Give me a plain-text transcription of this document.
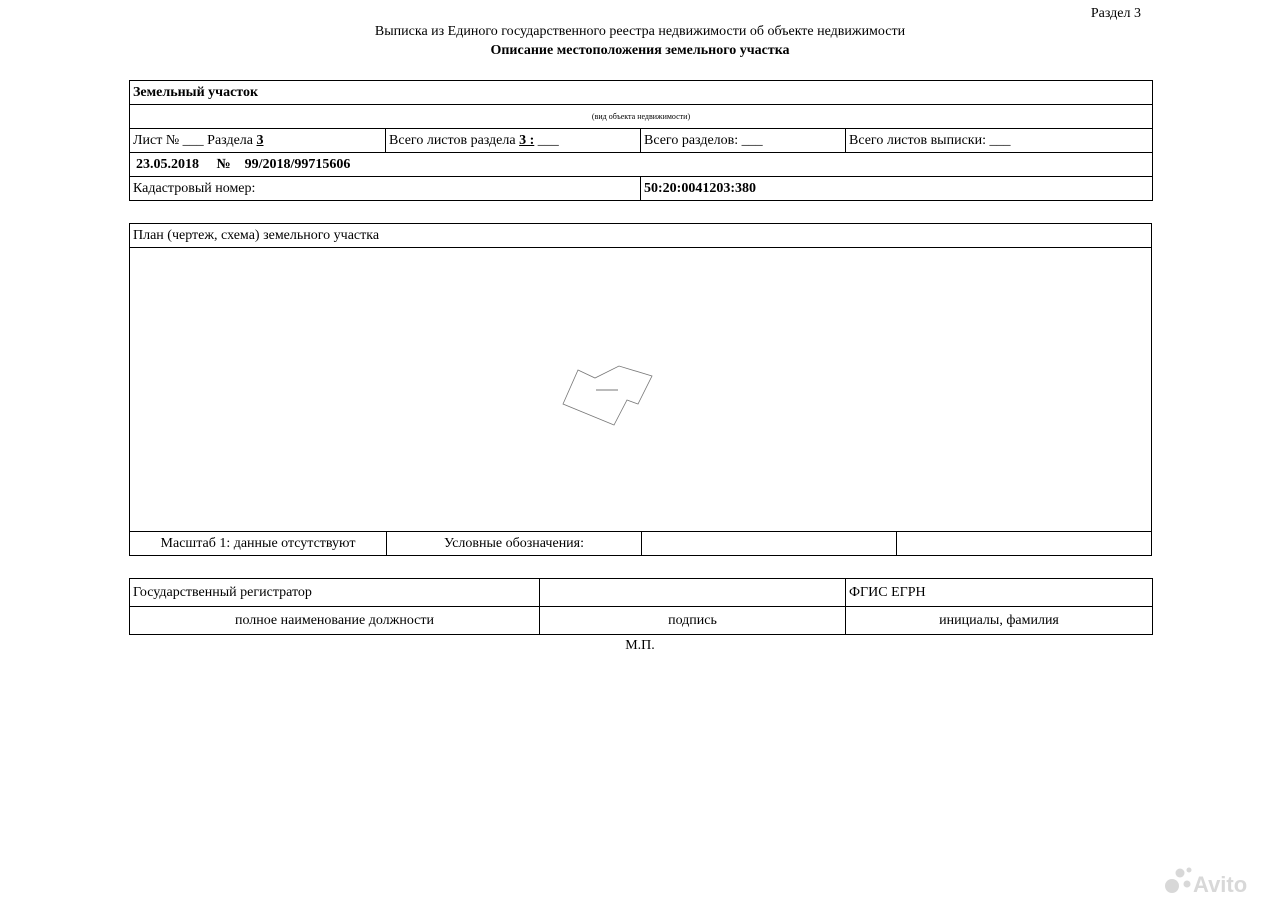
Раздел 3
Выписка из Единого государственного реестра недвижимости об объекте недвижимости
Описание местоположения земельного участка
Земельный участок			
(вид объекта недвижимости)			
Лист № ___ Раздела 3	Всего листов раздела 3 : ___	Всего разделов: ___	Всего листов выписки: ___
23.05.2018 № 99/2018/99715606			
Кадастровый номер:		50:20:0041203:380	
План (чертеж, схема) земельного участка

Масштаб 1: данные отсутствуют	Условные обозначения:		
Государственный регистратор		ФГИС ЕГРН
полное наименование должности	подпись	инициалы, фамилия
М.П.
Avito
